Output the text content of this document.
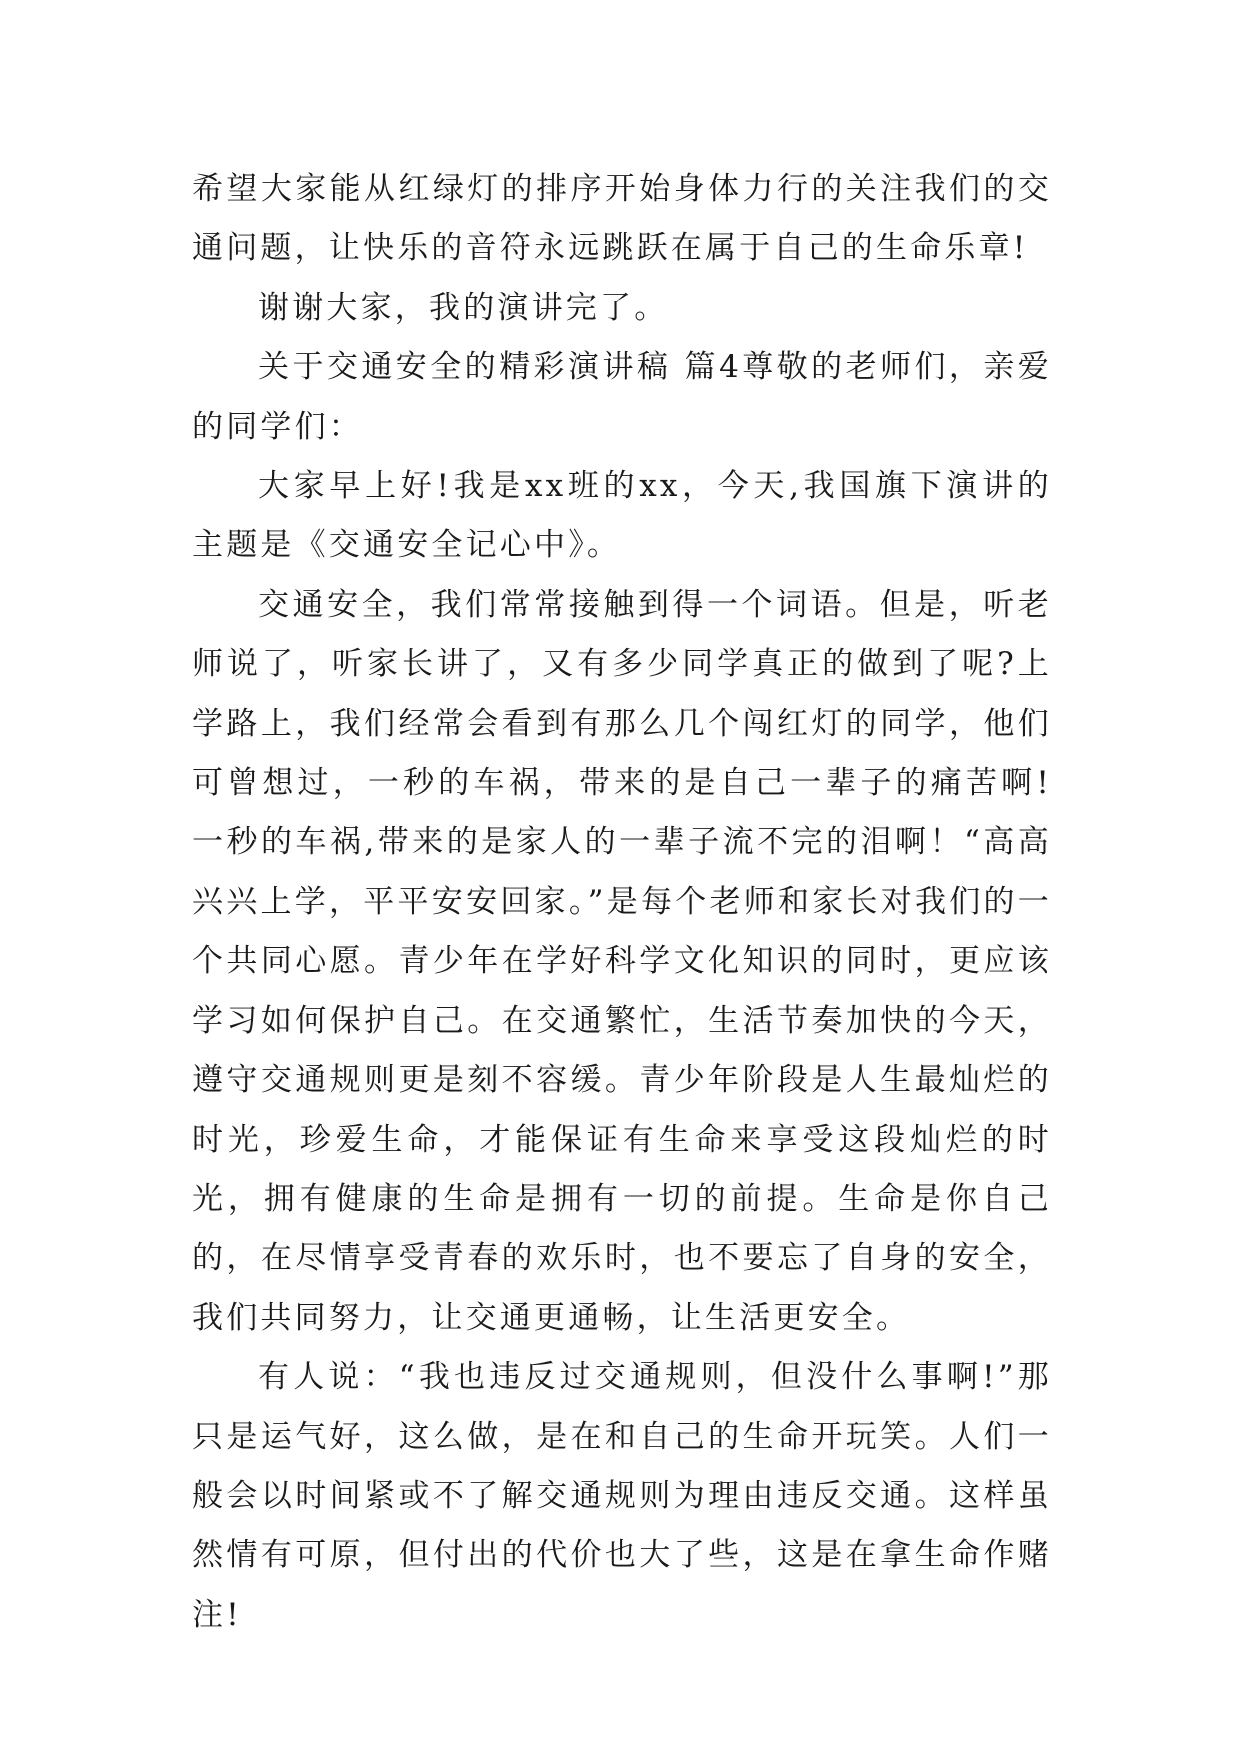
希望大家能从红绿灯的排序开始身体力行的关注我们的交通问题，让快乐的音符永远跳跃在属于自己的生命乐章!

谢谢大家，我的演讲完了。

关于交通安全的精彩演讲稿 篇4尊敬的老师们，亲爱的同学们：

大家早上好!我是xx班的xx，今天,我国旗下演讲的主题是《交通安全记心中》。

交通安全，我们常常接触到得一个词语。但是，听老师说了，听家长讲了，又有多少同学真正的做到了呢?上学路上，我们经常会看到有那么几个闯红灯的同学，他们可曾想过，一秒的车祸，带来的是自己一辈子的痛苦啊!一秒的车祸,带来的是家人的一辈子流不完的泪啊！“高高兴兴上学，平平安安回家。”是每个老师和家长对我们的一个共同心愿。青少年在学好科学文化知识的同时，更应该学习如何保护自己。在交通繁忙，生活节奏加快的今天，遵守交通规则更是刻不容缓。青少年阶段是人生最灿烂的时光，珍爱生命，才能保证有生命来享受这段灿烂的时光，拥有健康的生命是拥有一切的前提。生命是你自己的，在尽情享受青春的欢乐时，也不要忘了自身的安全，我们共同努力，让交通更通畅，让生活更安全。

有人说：“我也违反过交通规则，但没什么事啊!”那只是运气好，这么做，是在和自己的生命开玩笑。人们一般会以时间紧或不了解交通规则为理由违反交通。这样虽然情有可原，但付出的代价也大了些，这是在拿生命作赌注!
